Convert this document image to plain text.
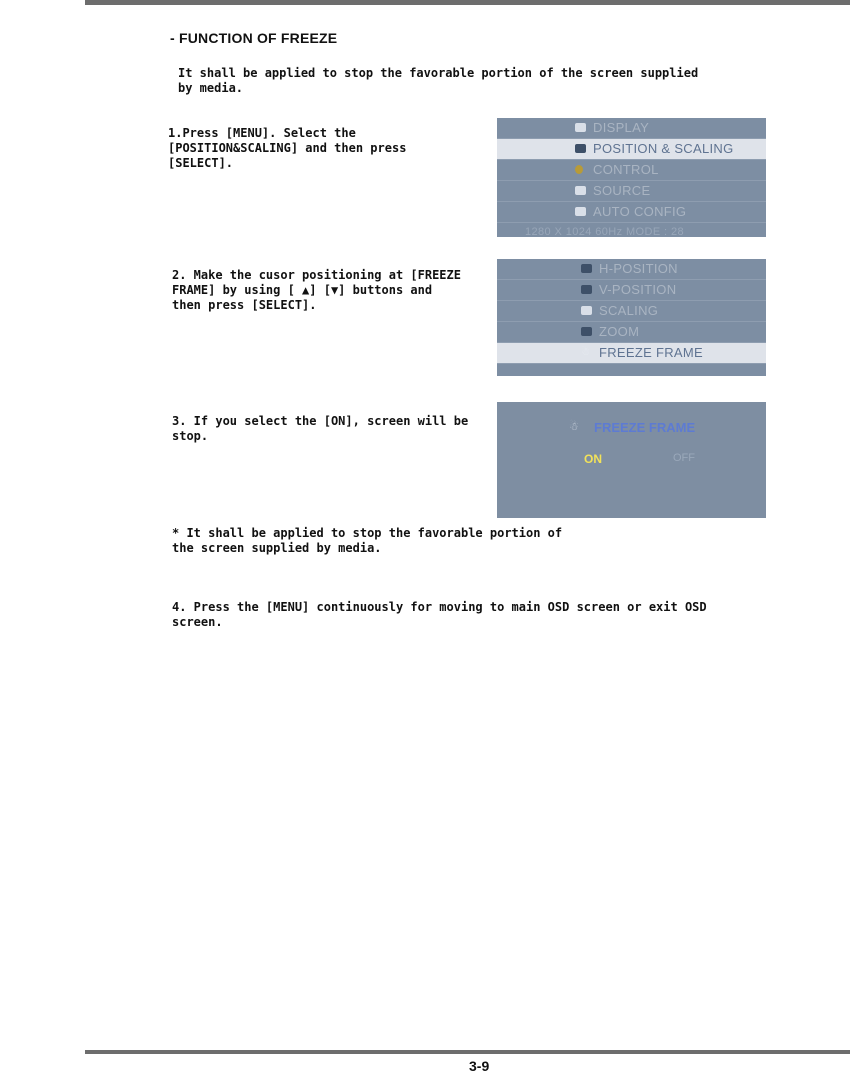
- FUNCTION OF FREEZE

It shall be applied to stop the favorable portion of the screen supplied
by media.

1.Press [MENU]. Select the
[POSITION&SCALING] and then press
[SELECT].

DISPLAY
POSITION & SCALING
CONTROL
SOURCE
AUTO CONFIG
1280 X 1024 60Hz MODE : 28

2. Make the cusor positioning at [FREEZE
FRAME] by using [ ▲] [▼] buttons and
then press [SELECT].

H-POSITION
V-POSITION
SCALING
ZOOM
☃ FREEZE FRAME

3. If you select the [ON], screen will be
stop.

☃ FREEZE FRAME
ON	OFF

* It shall be applied to stop the favorable portion of
the screen supplied by media.

4. Press the [MENU] continuously for moving to main OSD screen or exit OSD
screen.

3-9
